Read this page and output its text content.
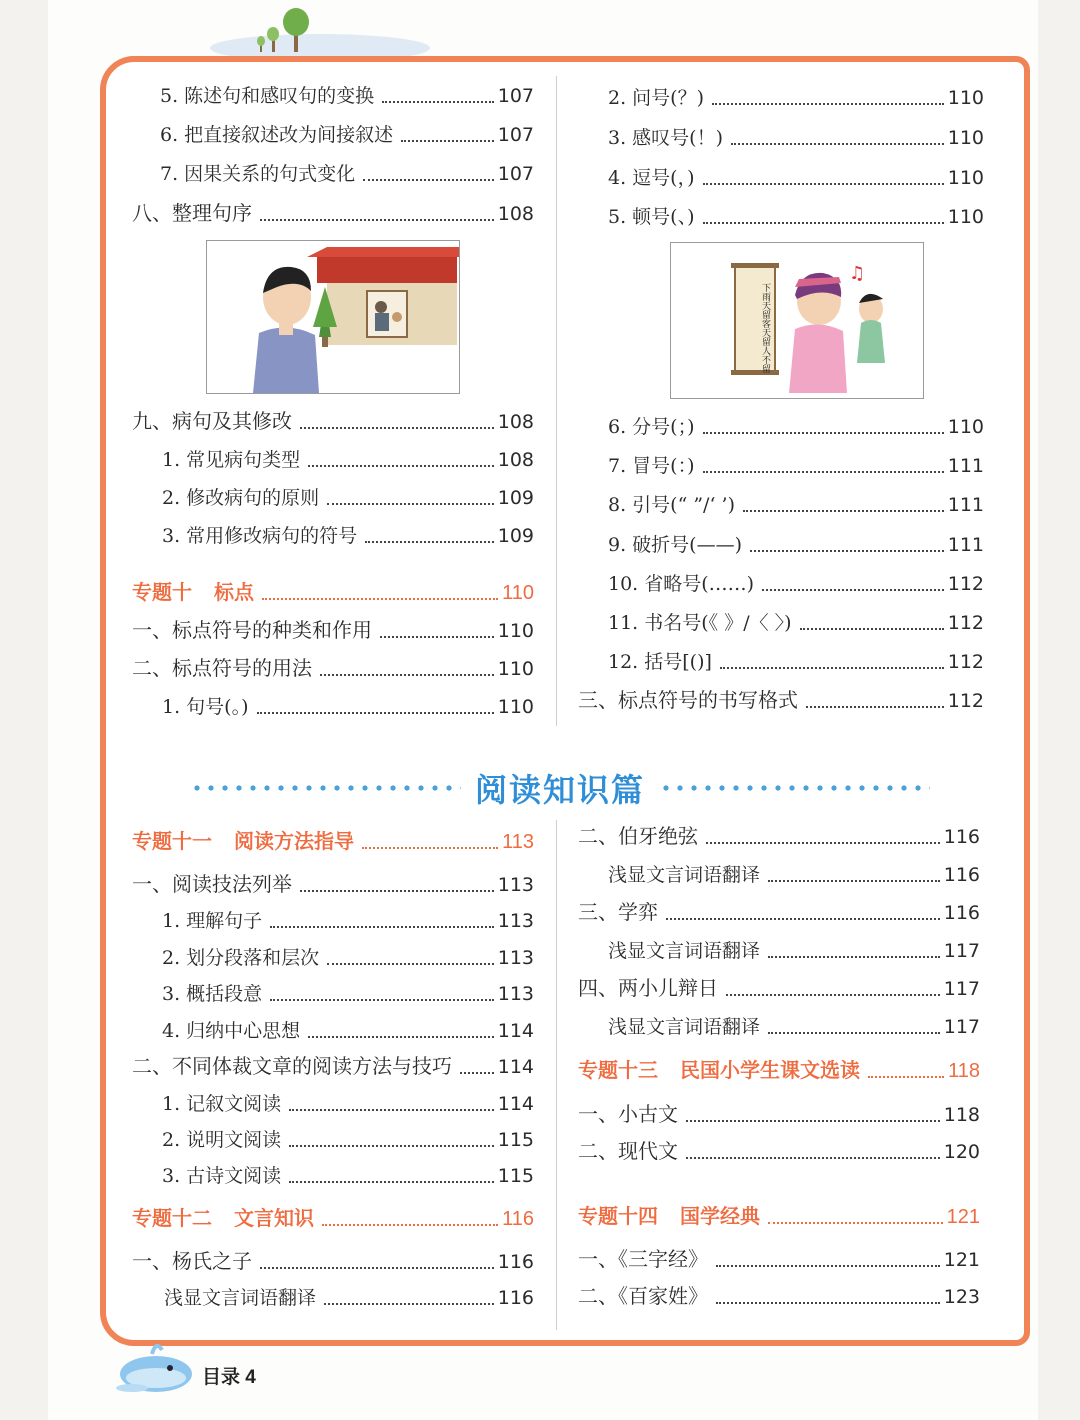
5. 陈述句和感叹句的变换	107
6. 把直接叙述改为间接叙述	107
7. 因果关系的句式变化	107
八、整理句序	108
九、病句及其修改	108
1. 常见病句类型	108
2. 修改病句的原则	109
3. 常用修改病句的符号	109
专题十 标点	110
一、标点符号的种类和作用	110
二、标点符号的用法	110
1. 句号(。)	110
2. 问号(？)	110
3. 感叹号(！)	110
4. 逗号(，)	110
5. 顿号(、)	110
下雨天留客天留人不留
♫
6. 分号(；)	110
7. 冒号(：)	111
8. 引号(“ ”/‘ ’)	111
9. 破折号(——)	111
10. 省略号(……)	112
11. 书名号(《 》/〈 〉)	112
12. 括号[()]	112
三、标点符号的书写格式	112
阅读知识篇
专题十一 阅读方法指导	113
一、阅读技法列举	113
1. 理解句子	113
2. 划分段落和层次	113
3. 概括段意	113
4. 归纳中心思想	114
二、不同体裁文章的阅读方法与技巧 114
1. 记叙文阅读	114
2. 说明文阅读	115
3. 古诗文阅读	115
专题十二 文言知识	116
一、杨氏之子	116
浅显文言词语翻译	116
二、伯牙绝弦	116
浅显文言词语翻译	116
三、学弈	116
浅显文言词语翻译	117
四、两小儿辩日	117
浅显文言词语翻译	117
专题十三 民国小学生课文选读	118
一、小古文	118
二、现代文	120
专题十四 国学经典	121
一、《三字经》	121
二、《百家姓》	123
目录 4
